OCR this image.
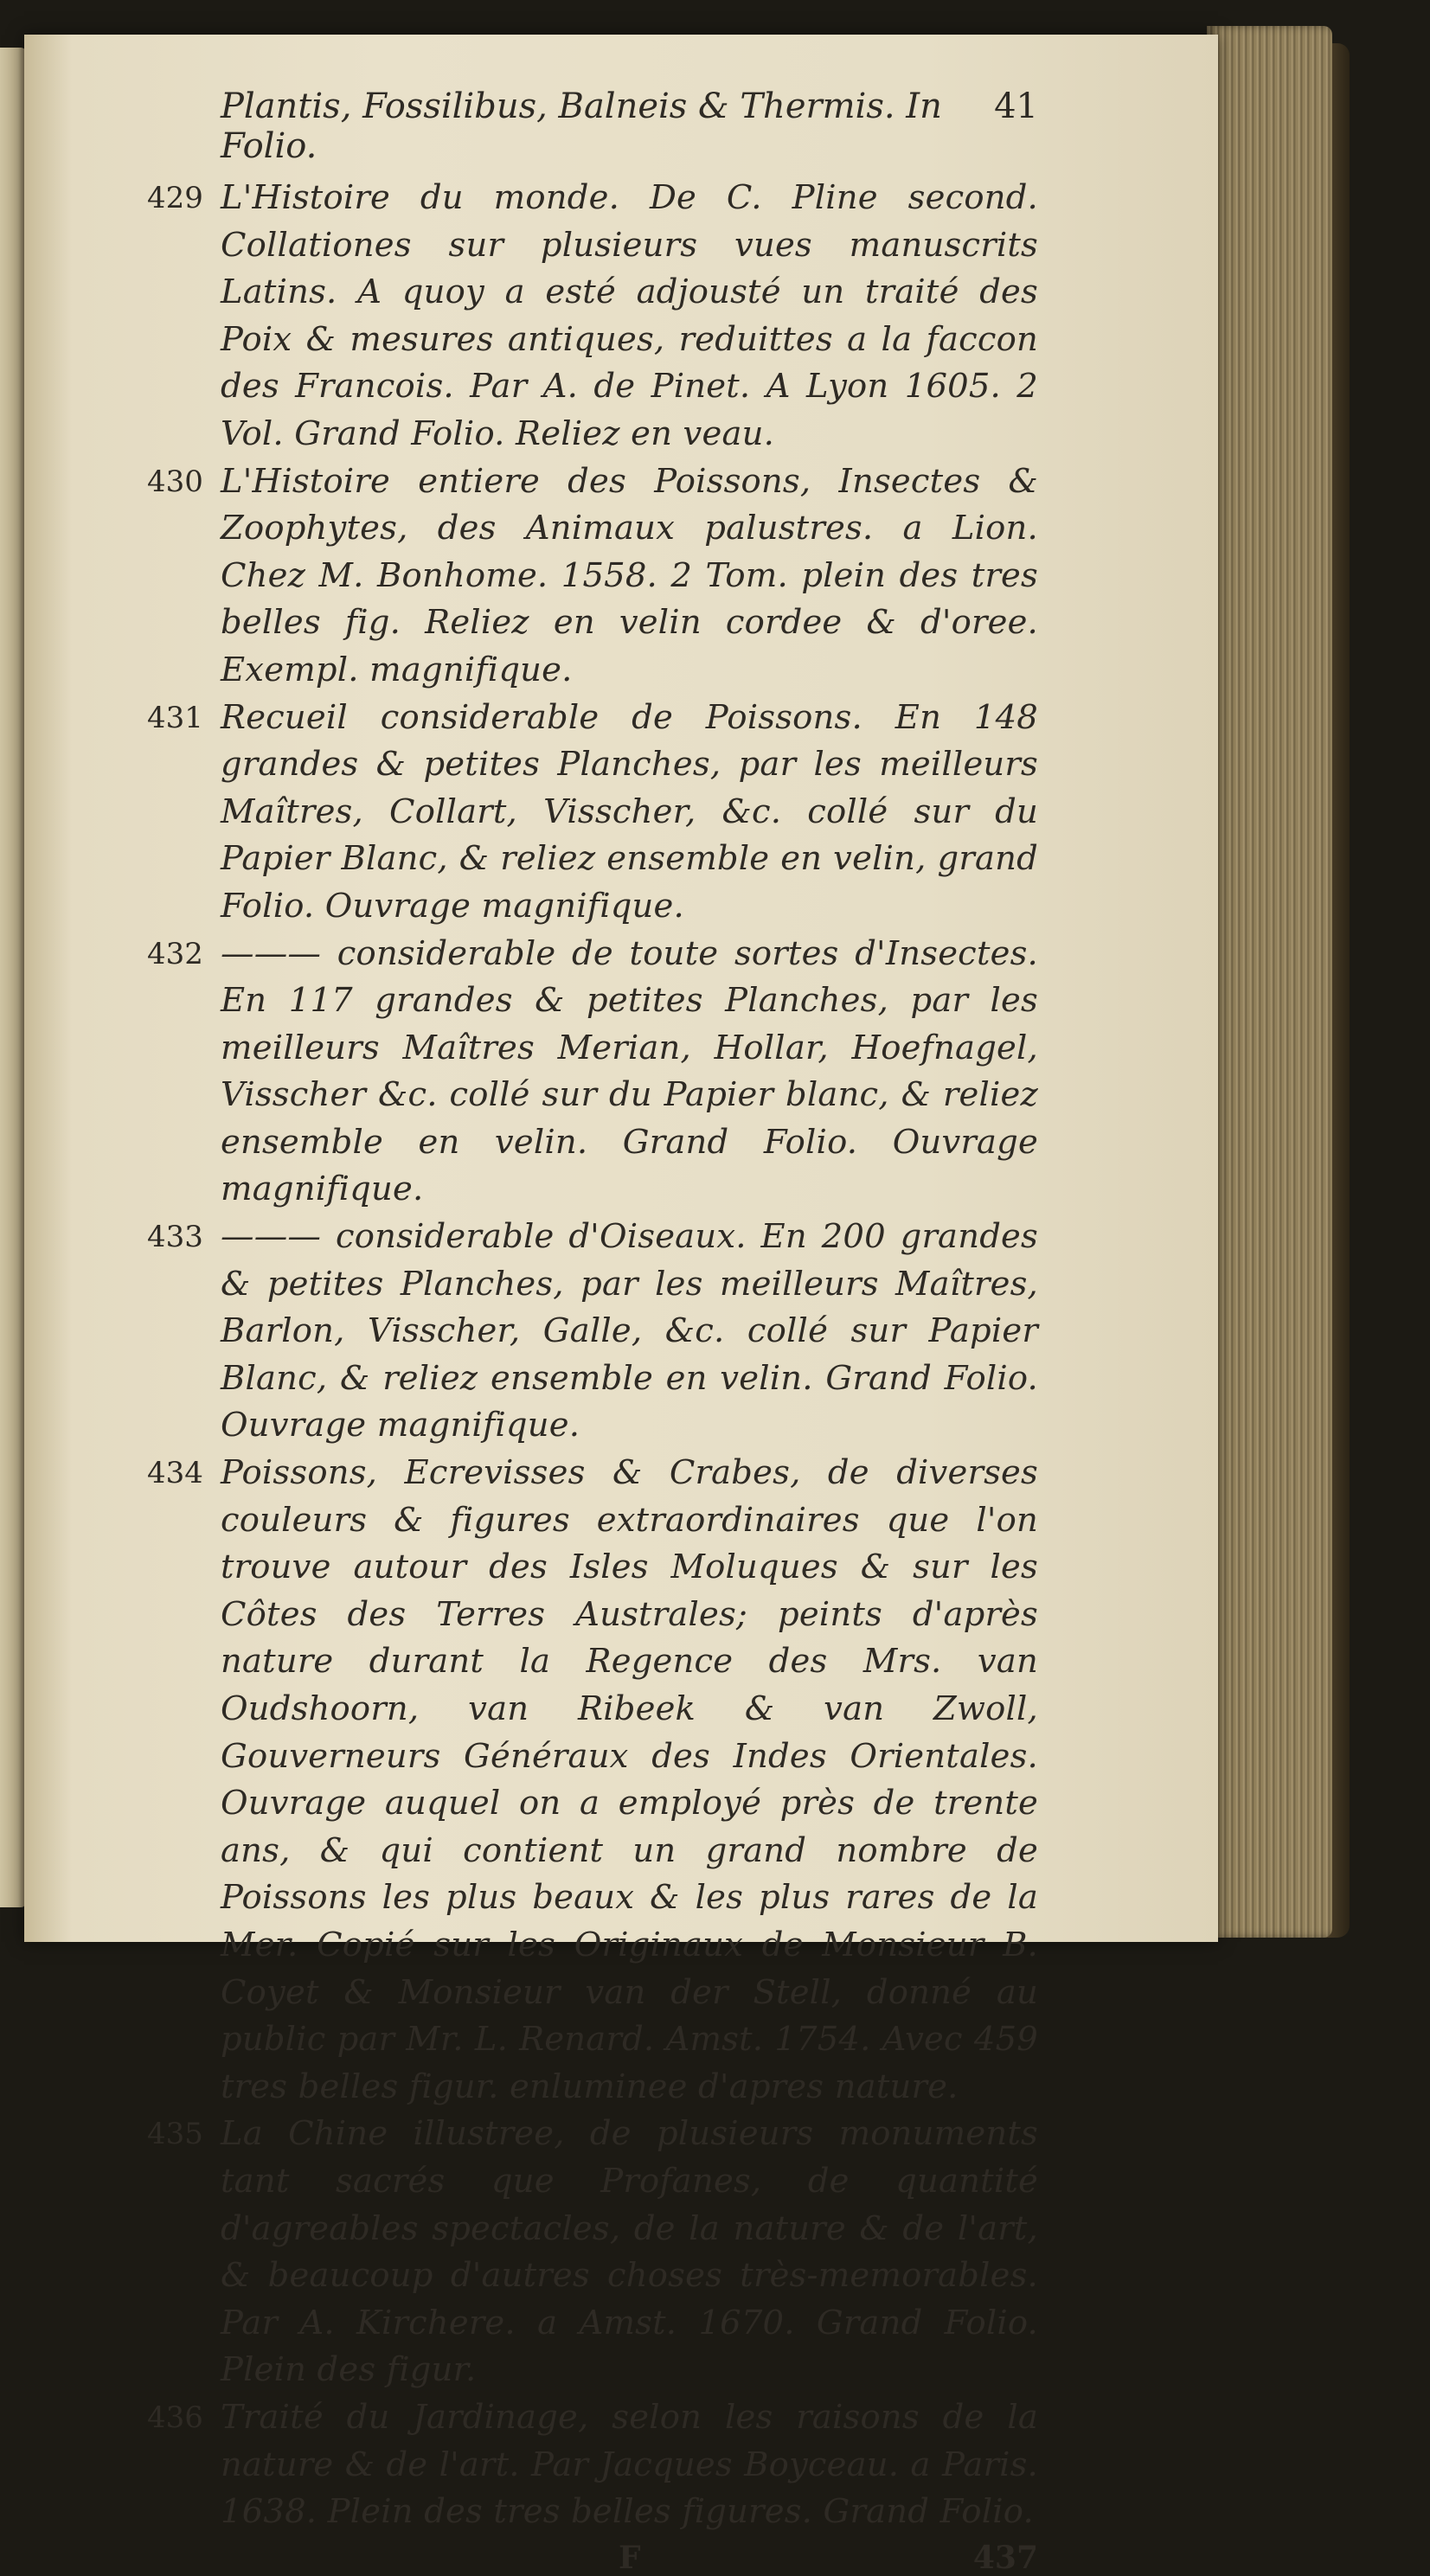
Plantis, Fossilibus, Balneis & Thermis. In Folio.
41
429 L'Histoire du monde. De C. Pline second. Collationes sur plusieurs vues manuscrits Latins. A quoy a esté adjousté un traité des Poix & mesures antiques, reduittes a la faccon des Francois. Par A. de Pinet. A Lyon 1605. 2 Vol. Grand Folio. Reliez en veau.
430 L'Histoire entiere des Poissons, Insectes & Zoophytes, des Animaux palustres. a Lion. Chez M. Bonhome. 1558. 2 Tom. plein des tres belles fig. Reliez en velin cordee & d'oree. Exempl. magnifique.
431 Recueil considerable de Poissons. En 148 grandes & petites Planches, par les meilleurs Maîtres, Collart, Visscher, &c. collé sur du Papier Blanc, & reliez ensemble en velin, grand Folio. Ouvrage magnifique.
432 ——— considerable de toute sortes d'Insectes. En 117 grandes & petites Planches, par les meilleurs Maîtres Merian, Hollar, Hoefnagel, Visscher &c. collé sur du Papier blanc, & reliez ensemble en velin. Grand Folio. Ouvrage magnifique.
433 ——— considerable d'Oiseaux. En 200 grandes & petites Planches, par les meilleurs Maîtres, Barlon, Visscher, Galle, &c. collé sur Papier Blanc, & reliez ensemble en velin. Grand Folio. Ouvrage magnifique.
434 Poissons, Ecrevisses & Crabes, de diverses couleurs & figures extraordinaires que l'on trouve autour des Isles Moluques & sur les Côtes des Terres Australes; peints d'après nature durant la Regence des Mrs. van Oudshoorn, van Ribeek & van Zwoll, Gouverneurs Généraux des Indes Orientales. Ouvrage auquel on a employé près de trente ans, & qui contient un grand nombre de Poissons les plus beaux & les plus rares de la Mer. Copié sur les Originaux de Monsieur B. Coyet & Monsieur van der Stell, donné au public par Mr. L. Renard. Amst. 1754. Avec 459 tres belles figur. enluminee d'apres nature.
435 La Chine illustree, de plusieurs monuments tant sacrés que Profanes, de quantité d'agreables spectacles, de la nature & de l'art, & beaucoup d'autres choses très-memorables. Par A. Kirchere. a Amst. 1670. Grand Folio. Plein des figur.
436 Traité du Jardinage, selon les raisons de la nature & de l'art. Par Jacques Boyceau. a Paris. 1638. Plein des tres belles figures. Grand Folio.
F	437
